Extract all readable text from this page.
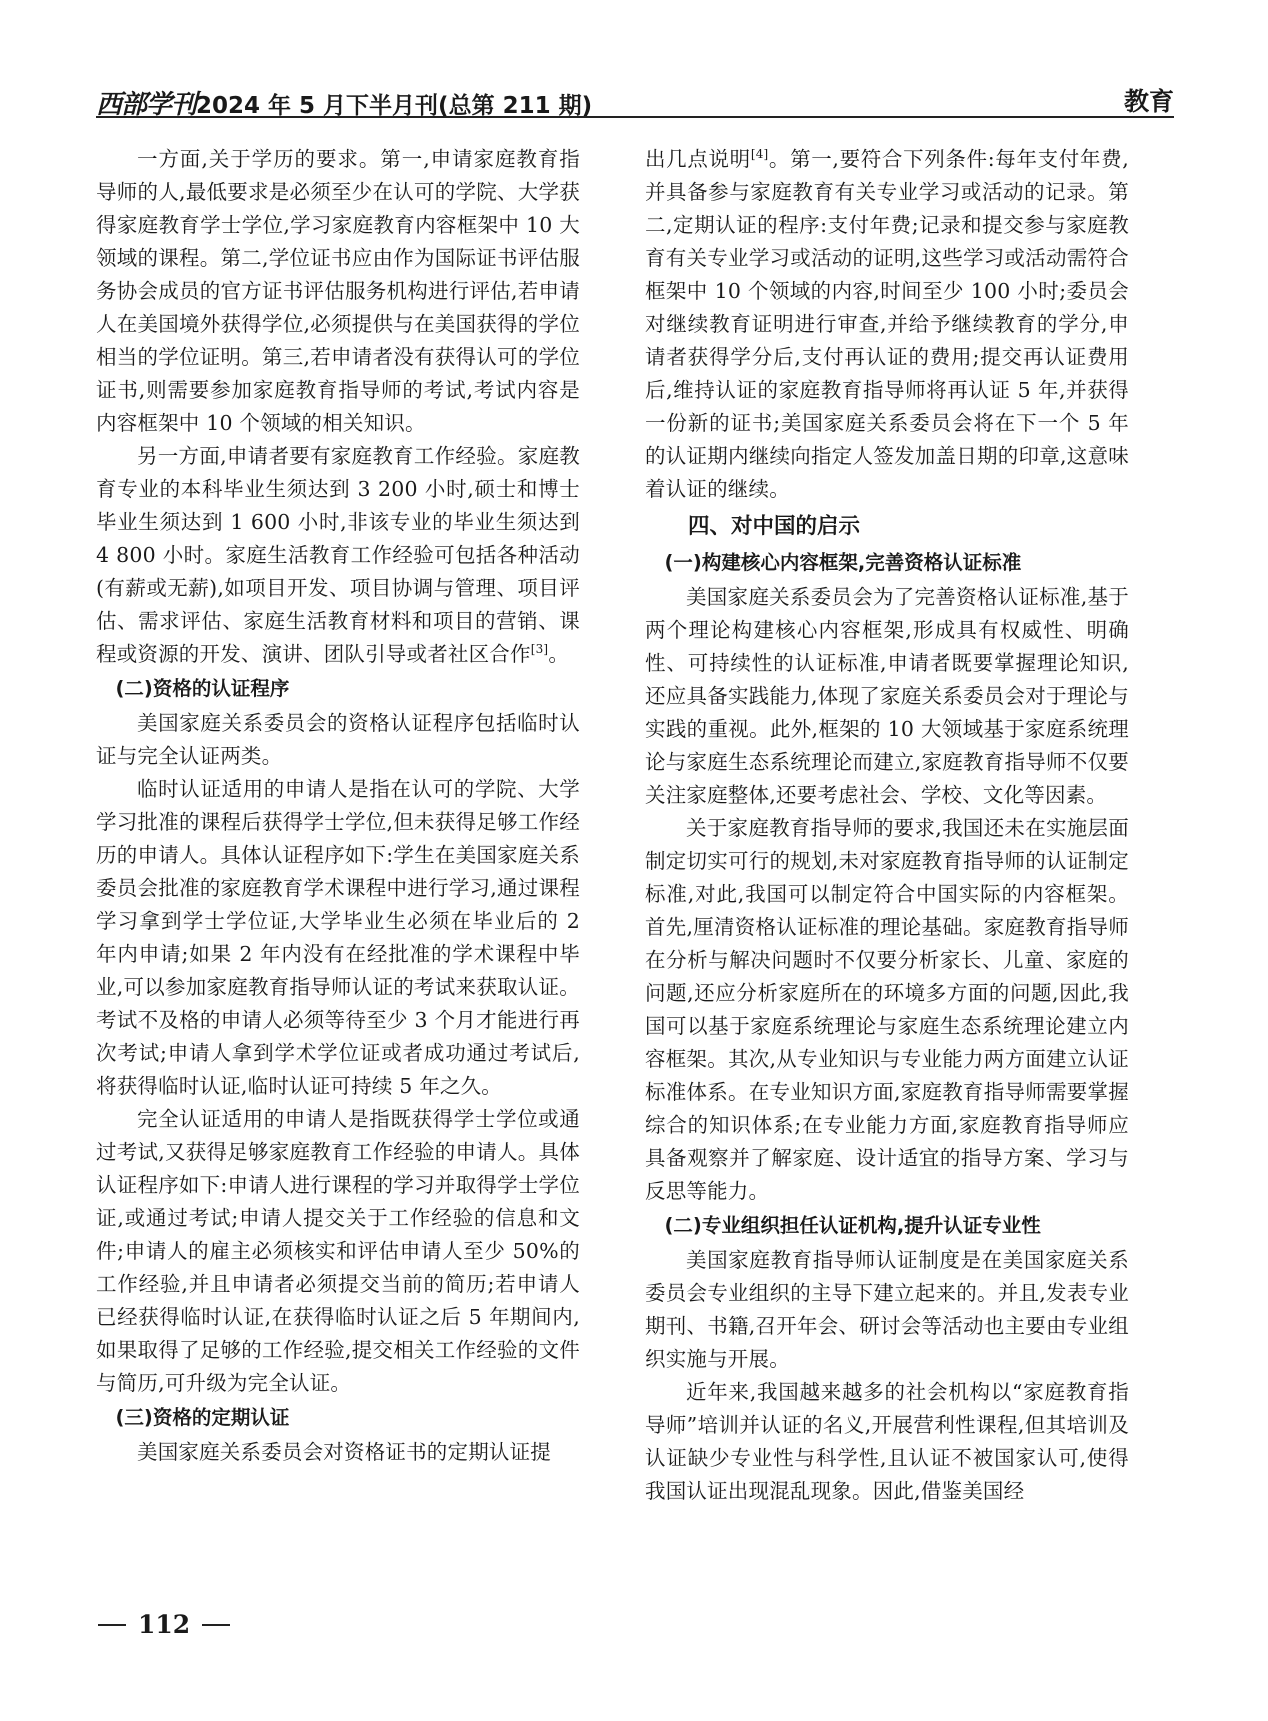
西部学刊 2024 年 5 月下半月刊(总第 211 期)	教育

一方面,关于学历的要求。第一,申请家庭教育指导师的人,最低要求是必须至少在认可的学院、大学获得家庭教育学士学位,学习家庭教育内容框架中 10 大领域的课程。第二,学位证书应由作为国际证书评估服务协会成员的官方证书评估服务机构进行评估,若申请人在美国境外获得学位,必须提供与在美国获得的学位相当的学位证明。第三,若申请者没有获得认可的学位证书,则需要参加家庭教育指导师的考试,考试内容是内容框架中 10 个领域的相关知识。

另一方面,申请者要有家庭教育工作经验。家庭教育专业的本科毕业生须达到 3 200 小时,硕士和博士毕业生须达到 1 600 小时,非该专业的毕业生须达到 4 800 小时。家庭生活教育工作经验可包括各种活动(有薪或无薪),如项目开发、项目协调与管理、项目评估、需求评估、家庭生活教育材料和项目的营销、课程或资源的开发、演讲、团队引导或者社区合作[3]。

(二)资格的认证程序

美国家庭关系委员会的资格认证程序包括临时认证与完全认证两类。

临时认证适用的申请人是指在认可的学院、大学学习批准的课程后获得学士学位,但未获得足够工作经历的申请人。具体认证程序如下:学生在美国家庭关系委员会批准的家庭教育学术课程中进行学习,通过课程学习拿到学士学位证,大学毕业生必须在毕业后的 2 年内申请;如果 2 年内没有在经批准的学术课程中毕业,可以参加家庭教育指导师认证的考试来获取认证。考试不及格的申请人必须等待至少 3 个月才能进行再次考试;申请人拿到学术学位证或者成功通过考试后,将获得临时认证,临时认证可持续 5 年之久。

完全认证适用的申请人是指既获得学士学位或通过考试,又获得足够家庭教育工作经验的申请人。具体认证程序如下:申请人进行课程的学习并取得学士学位证,或通过考试;申请人提交关于工作经验的信息和文件;申请人的雇主必须核实和评估申请人至少 50%的工作经验,并且申请者必须提交当前的简历;若申请人已经获得临时认证,在获得临时认证之后 5 年期间内,如果取得了足够的工作经验,提交相关工作经验的文件与简历,可升级为完全认证。

(三)资格的定期认证

美国家庭关系委员会对资格证书的定期认证提

出几点说明[4]。第一,要符合下列条件:每年支付年费,并具备参与家庭教育有关专业学习或活动的记录。第二,定期认证的程序:支付年费;记录和提交参与家庭教育有关专业学习或活动的证明,这些学习或活动需符合框架中 10 个领域的内容,时间至少 100 小时;委员会对继续教育证明进行审查,并给予继续教育的学分,申请者获得学分后,支付再认证的费用;提交再认证费用后,维持认证的家庭教育指导师将再认证 5 年,并获得一份新的证书;美国家庭关系委员会将在下一个 5 年的认证期内继续向指定人签发加盖日期的印章,这意味着认证的继续。

四、对中国的启示
(一)构建核心内容框架,完善资格认证标准

美国家庭关系委员会为了完善资格认证标准,基于两个理论构建核心内容框架,形成具有权威性、明确性、可持续性的认证标准,申请者既要掌握理论知识,还应具备实践能力,体现了家庭关系委员会对于理论与实践的重视。此外,框架的 10 大领域基于家庭系统理论与家庭生态系统理论而建立,家庭教育指导师不仅要关注家庭整体,还要考虑社会、学校、文化等因素。

关于家庭教育指导师的要求,我国还未在实施层面制定切实可行的规划,未对家庭教育指导师的认证制定标准,对此,我国可以制定符合中国实际的内容框架。首先,厘清资格认证标准的理论基础。家庭教育指导师在分析与解决问题时不仅要分析家长、儿童、家庭的问题,还应分析家庭所在的环境多方面的问题,因此,我国可以基于家庭系统理论与家庭生态系统理论建立内容框架。其次,从专业知识与专业能力两方面建立认证标准体系。在专业知识方面,家庭教育指导师需要掌握综合的知识体系;在专业能力方面,家庭教育指导师应具备观察并了解家庭、设计适宜的指导方案、学习与反思等能力。

(二)专业组织担任认证机构,提升认证专业性

美国家庭教育指导师认证制度是在美国家庭关系委员会专业组织的主导下建立起来的。并且,发表专业期刊、书籍,召开年会、研讨会等活动也主要由专业组织实施与开展。

近年来,我国越来越多的社会机构以“家庭教育指导师”培训并认证的名义,开展营利性课程,但其培训及认证缺少专业性与科学性,且认证不被国家认可,使得我国认证出现混乱现象。因此,借鉴美国经

112
